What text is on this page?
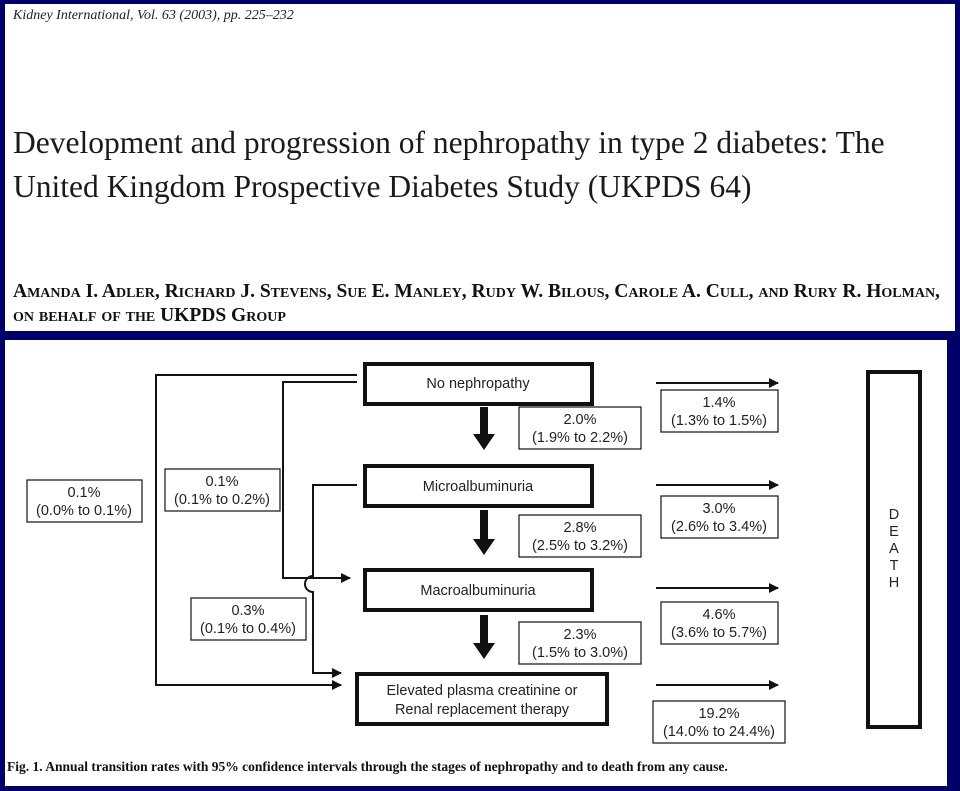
Kidney International, Vol. 63 (2003), pp. 225–232
Development and progression of nephropathy in type 2 diabetes: The United Kingdom Prospective Diabetes Study (UKPDS 64)
Amanda I. Adler, Richard J. Stevens, Sue E. Manley, Rudy W. Bilous, Carole A. Cull, and Rury R. Holman, on behalf of the UKPDS Group
No nephropathy
Microalbuminuria
Macroalbuminuria
Elevated plasma creatinine or
Renal replacement therapy
D
E
A
T
H
2.0%
(1.9% to 2.2%)
2.8%
(2.5% to 3.2%)
2.3%
(1.5% to 3.0%)
1.4%
(1.3% to 1.5%)
3.0%
(2.6% to 3.4%)
4.6%
(3.6% to 5.7%)
19.2%
(14.0% to 24.4%)
0.1%
(0.0% to 0.1%)
0.1%
(0.1% to 0.2%)
0.3%
(0.1% to 0.4%)
Fig. 1. Annual transition rates with 95% confidence intervals through the stages of nephropathy and to death from any cause.
